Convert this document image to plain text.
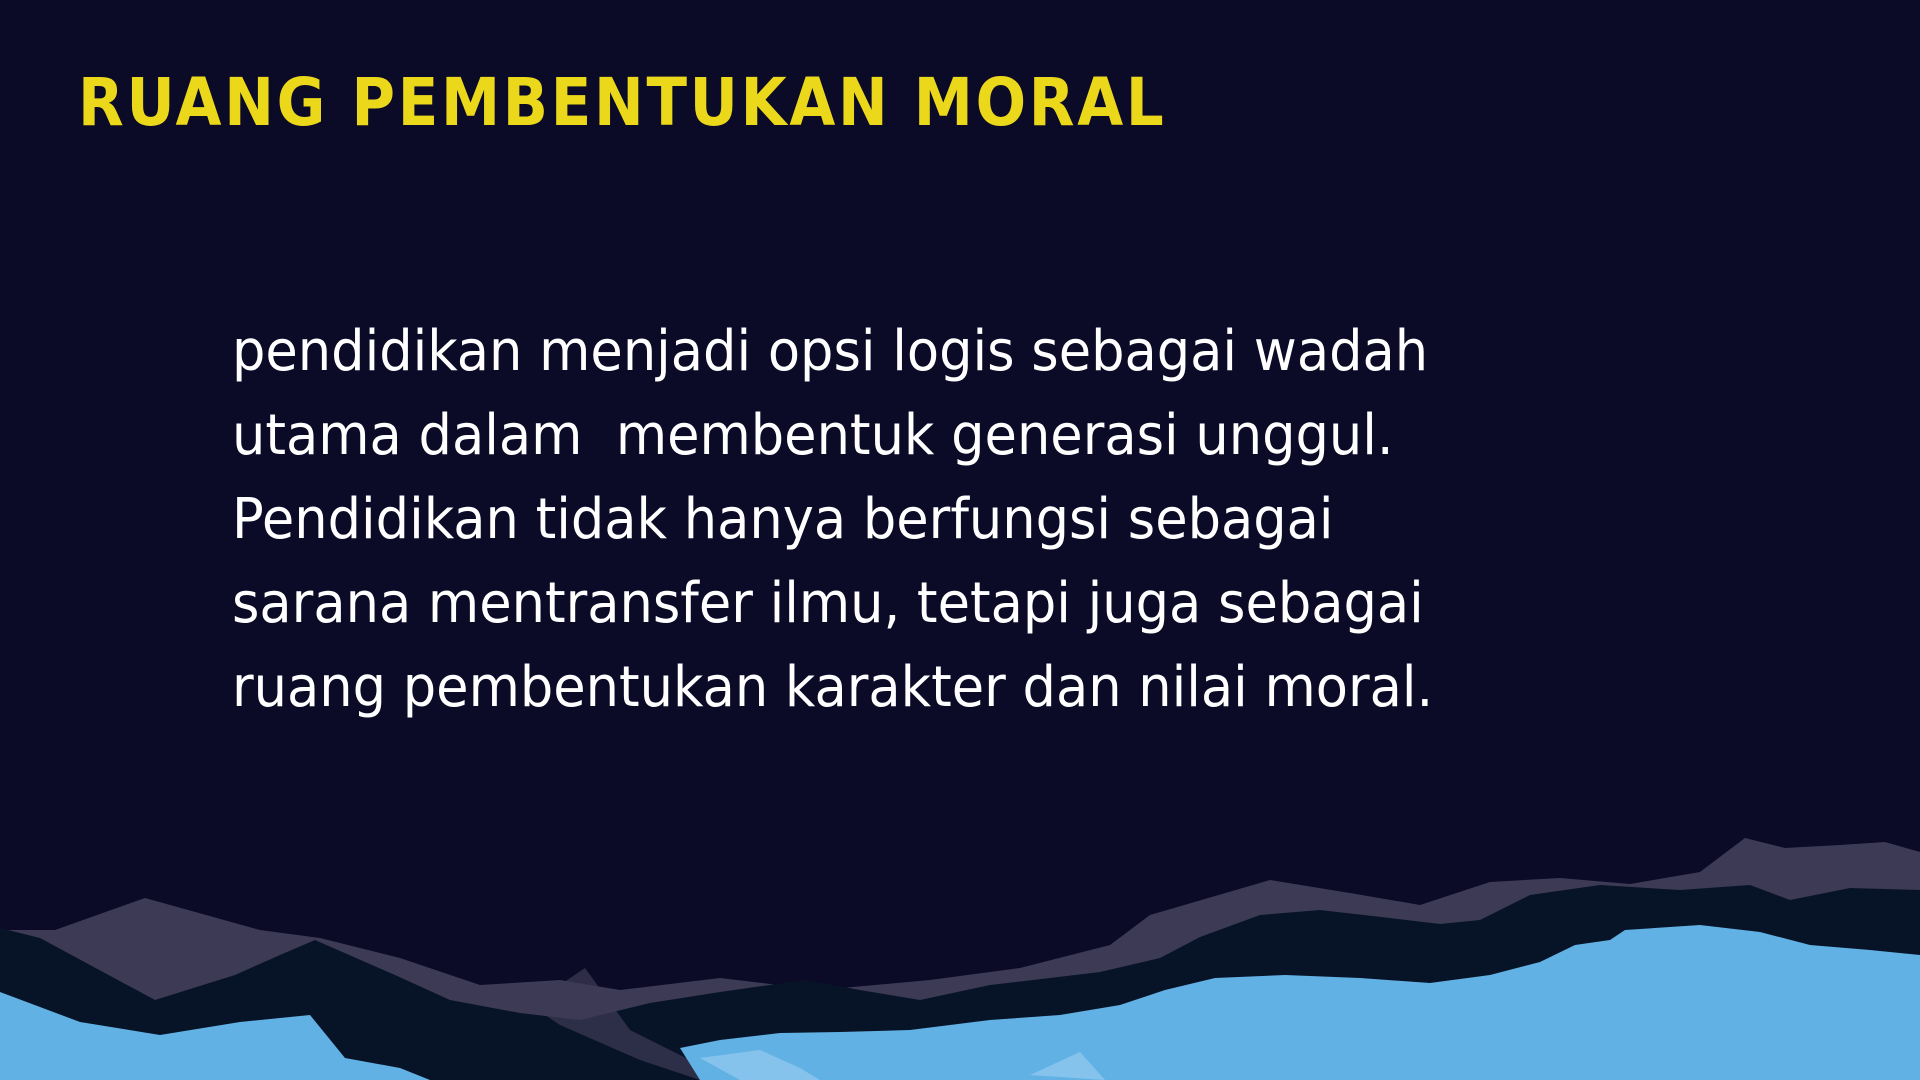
RUANG PEMBENTUKAN MORAL
pendidikan menjadi opsi logis sebagai wadah
utama dalam  membentuk generasi unggul.
Pendidikan tidak hanya berfungsi sebagai
sarana mentransfer ilmu, tetapi juga sebagai
ruang pembentukan karakter dan nilai moral.
